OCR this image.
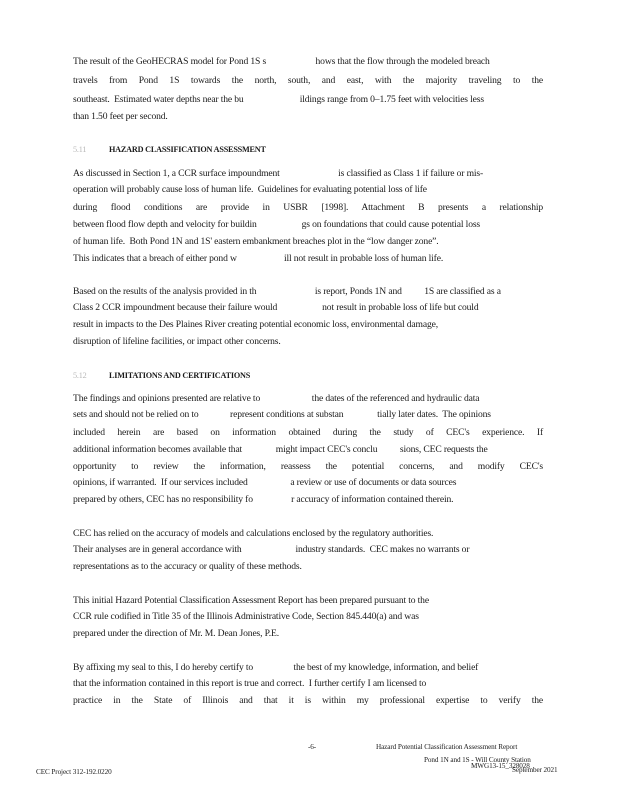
The result of the GeoHECRAS model for Pond 1S s                      hows that the flow through the modeled breach
travels from Pond 1S towards the north, south, and east, with the majority traveling to the
southeast.  Estimated water depths near the bu                         ildings range from 0–1.75 feet with velocities less
than 1.50 feet per second.
5.11	HAZARD CLASSIFICATION ASSESSMENT
As discussed in Section 1, a CCR surface impoundment                          is classified as Class 1 if failure or mis-
operation will probably cause loss of human life.  Guidelines for evaluating potential loss of life
during flood conditions are provide in USBR [1998]. Attachment B presents a relationship
between flood flow depth and velocity for buildin                    gs on foundations that could cause potential loss
of human life.  Both Pond 1N and 1S' eastern embankment breaches plot in the “low danger zone”.
This indicates that a breach of either pond w                     ill not result in probable loss of human life.
Based on the results of the analysis provided in th                          is report, Ponds 1N and          1S are classified as a
Class 2 CCR impoundment because their failure would                    not result in probable loss of life but could
result in impacts to the Des Plaines River creating potential economic loss, environmental damage,
disruption of lifeline facilities, or impact other concerns.
5.12	LIMITATIONS AND CERTIFICATIONS
The findings and opinions presented are relative to                       the dates of the referenced and hydraulic data
sets and should not be relied on to              represent conditions at substan               tially later dates.  The opinions
included herein are based on information obtained during the study of CEC's experience. If
additional information becomes available that               might impact CEC's conclu          sions, CEC requests the
opportunity to review the information, reassess the potential concerns, and modify CEC's
opinions, if warranted.  If our services included                   a review or use of documents or data sources
prepared by others, CEC has no responsibility fo                 r accuracy of information contained therein.
CEC has relied on the accuracy of models and calculations enclosed by the regulatory authorities.
Their analyses are in general accordance with                        industry standards.  CEC makes no warrants or
representations as to the accuracy or quality of these methods.
This initial Hazard Potential Classification Assessment Report has been prepared pursuant to the
CCR rule codified in Title 35 of the Illinois Administrative Code, Section 845.440(a) and was
prepared under the direction of Mr. M. Dean Jones, P.E.
By affixing my seal to this, I do hereby certify to                  the best of my knowledge, information, and belief
that the information contained in this report is true and correct.  I further certify I am licensed to
practice in the State of Illinois and that it is within my professional expertise to verify the
-6-	Hazard Potential Classification Assessment Report
Pond 1N and 1S - Will County Station
September 2021
MWG13-15_328028
CEC Project 312-192.0220
